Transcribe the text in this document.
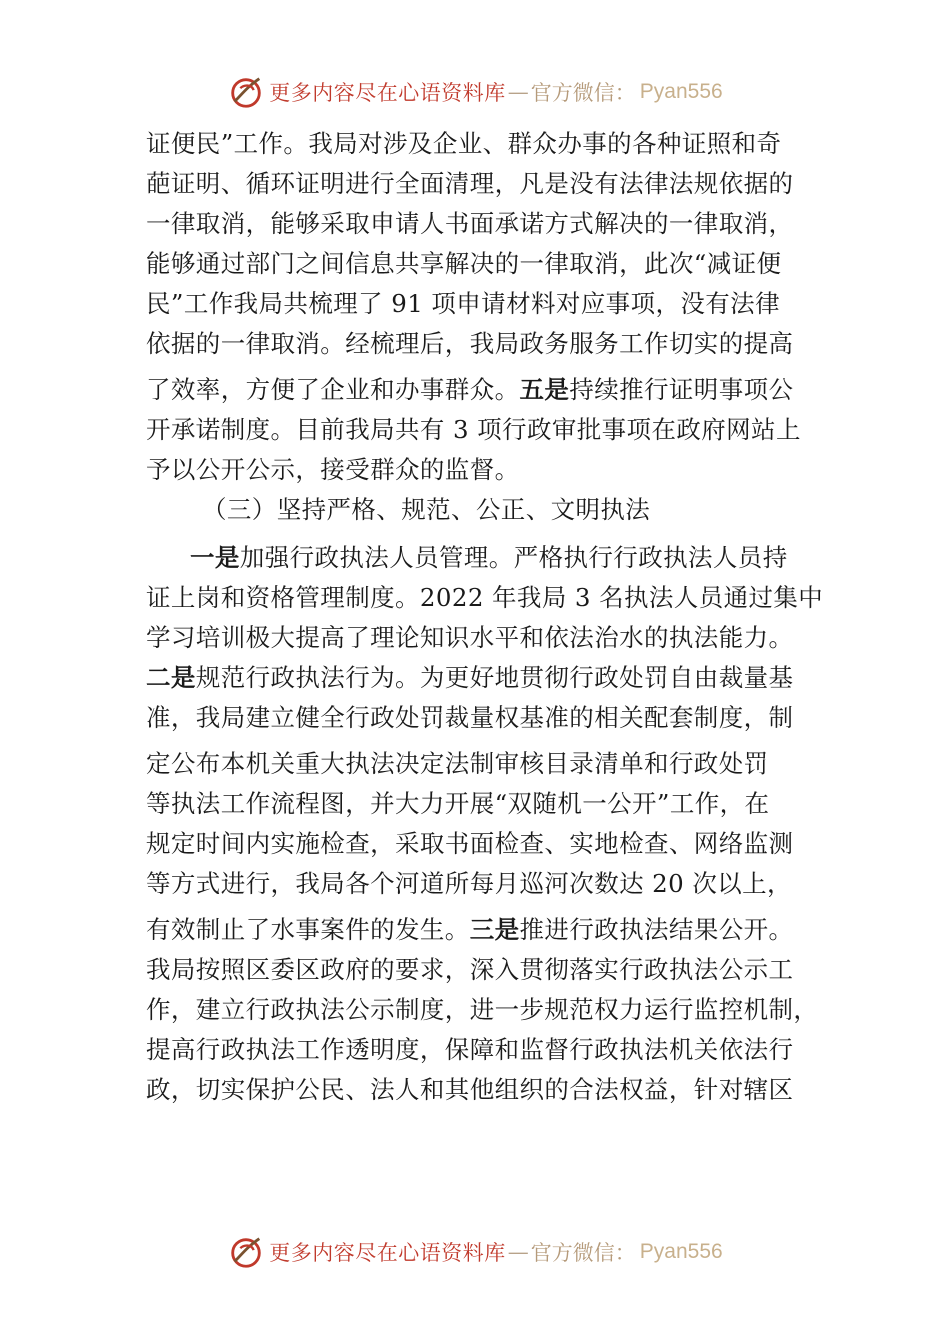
更多内容尽在心语资料库 — 官方微信： Pyan556
证便民”工作。我局对涉及企业、群众办事的各种证照和奇
葩证明、循环证明进行全面清理，凡是没有法律法规依据的
一律取消，能够采取申请人书面承诺方式解决的一律取消，
能够通过部门之间信息共享解决的一律取消，此次“减证便
民”工作我局共梳理了 91 项申请材料对应事项，没有法律
依据的一律取消。经梳理后，我局政务服务工作切实的提高
了效率，方便了企业和办事群众。五是持续推行证明事项公
开承诺制度。目前我局共有 3 项行政审批事项在政府网站上
予以公开公示，接受群众的监督。
（三）坚持严格、规范、公正、文明执法
一是加强行政执法人员管理。严格执行行政执法人员持
证上岗和资格管理制度。2022 年我局 3 名执法人员通过集中
学习培训极大提高了理论知识水平和依法治水的执法能力。
二是规范行政执法行为。为更好地贯彻行政处罚自由裁量基
准，我局建立健全行政处罚裁量权基准的相关配套制度，制
定公布本机关重大执法决定法制审核目录清单和行政处罚
等执法工作流程图，并大力开展“双随机一公开”工作，在
规定时间内实施检查，采取书面检查、实地检查、网络监测
等方式进行，我局各个河道所每月巡河次数达 20 次以上，
有效制止了水事案件的发生。三是推进行政执法结果公开。
我局按照区委区政府的要求，深入贯彻落实行政执法公示工
作，建立行政执法公示制度，进一步规范权力运行监控机制，
提高行政执法工作透明度，保障和监督行政执法机关依法行
政，切实保护公民、法人和其他组织的合法权益，针对辖区
更多内容尽在心语资料库 — 官方微信： Pyan556
